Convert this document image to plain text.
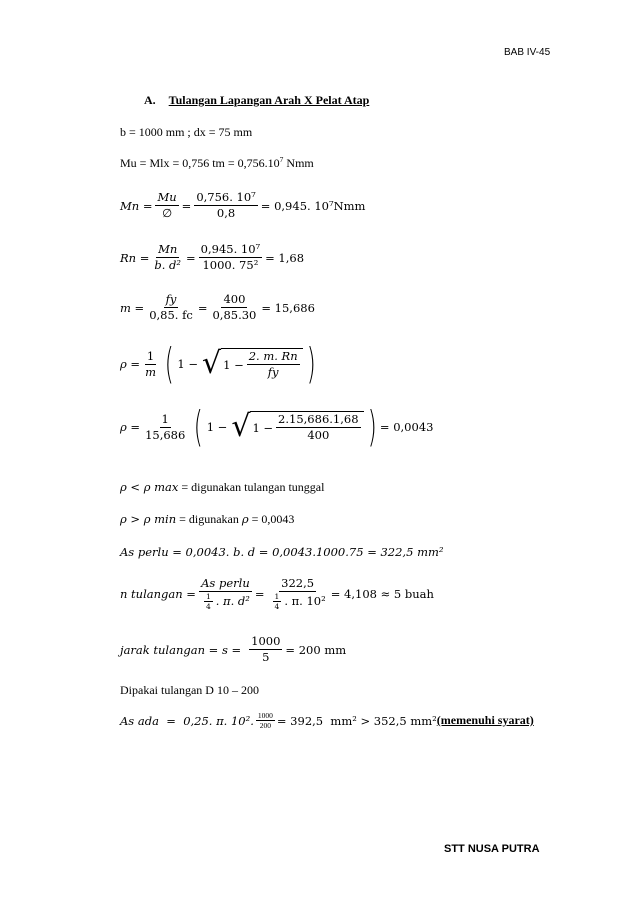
BAB IV-45
A. Tulangan Lapangan Arah X Pelat Atap
b = 1000 mm ; dx = 75 mm
Mu = Mlx = 0,756 tm = $0,756.10^7$ Nmm
$Mn = \frac{Mu}{\emptyset} = \frac{\text{0,756. 10⁷}}{0,8} = 0,945$. 10⁷Nmm
$Rn = \frac{Mn}{\text{b. d²}} = \frac{\text{0,945. 10⁷}}{\text{1000. 75²}} = 1,68$
$m = \frac{fy}{0,85. fc} = \frac{400}{0,85.30} = 15,686$
$\rho = \frac{1}{m}$ ( 1 − √ $1 - \frac{2. m. Rn}{fy}$ )
$\rho = \frac{1}{15,686}$ ( 1 − √ $1 - \frac{2.15,686.1,68}{400}$ ) = 0,0043
ρ < ρ max = digunakan tulangan tunggal
ρ > ρ min = digunakan ρ = 0,0043
As perlu = 0,0043. b. d = 0,0043.1000.75 = 322,5 mm²
n tulangan = $\frac{\text{As perlu}}{\frac{1}{4} . \pi. d^2} = \frac{322,5}{\frac{1}{4} . \pi. 10^2} = 4,108 \approx 5$ buah
jarak tulangan = $s = \frac{1000}{5} = 200$ mm
Dipakai tulangan D 10 – 200
As ada  =  0,25. π. 10². $\frac{1000}{200} = 392,5$  mm² > 352,5 mm² (memenuhi syarat)
STT NUSA PUTRA
